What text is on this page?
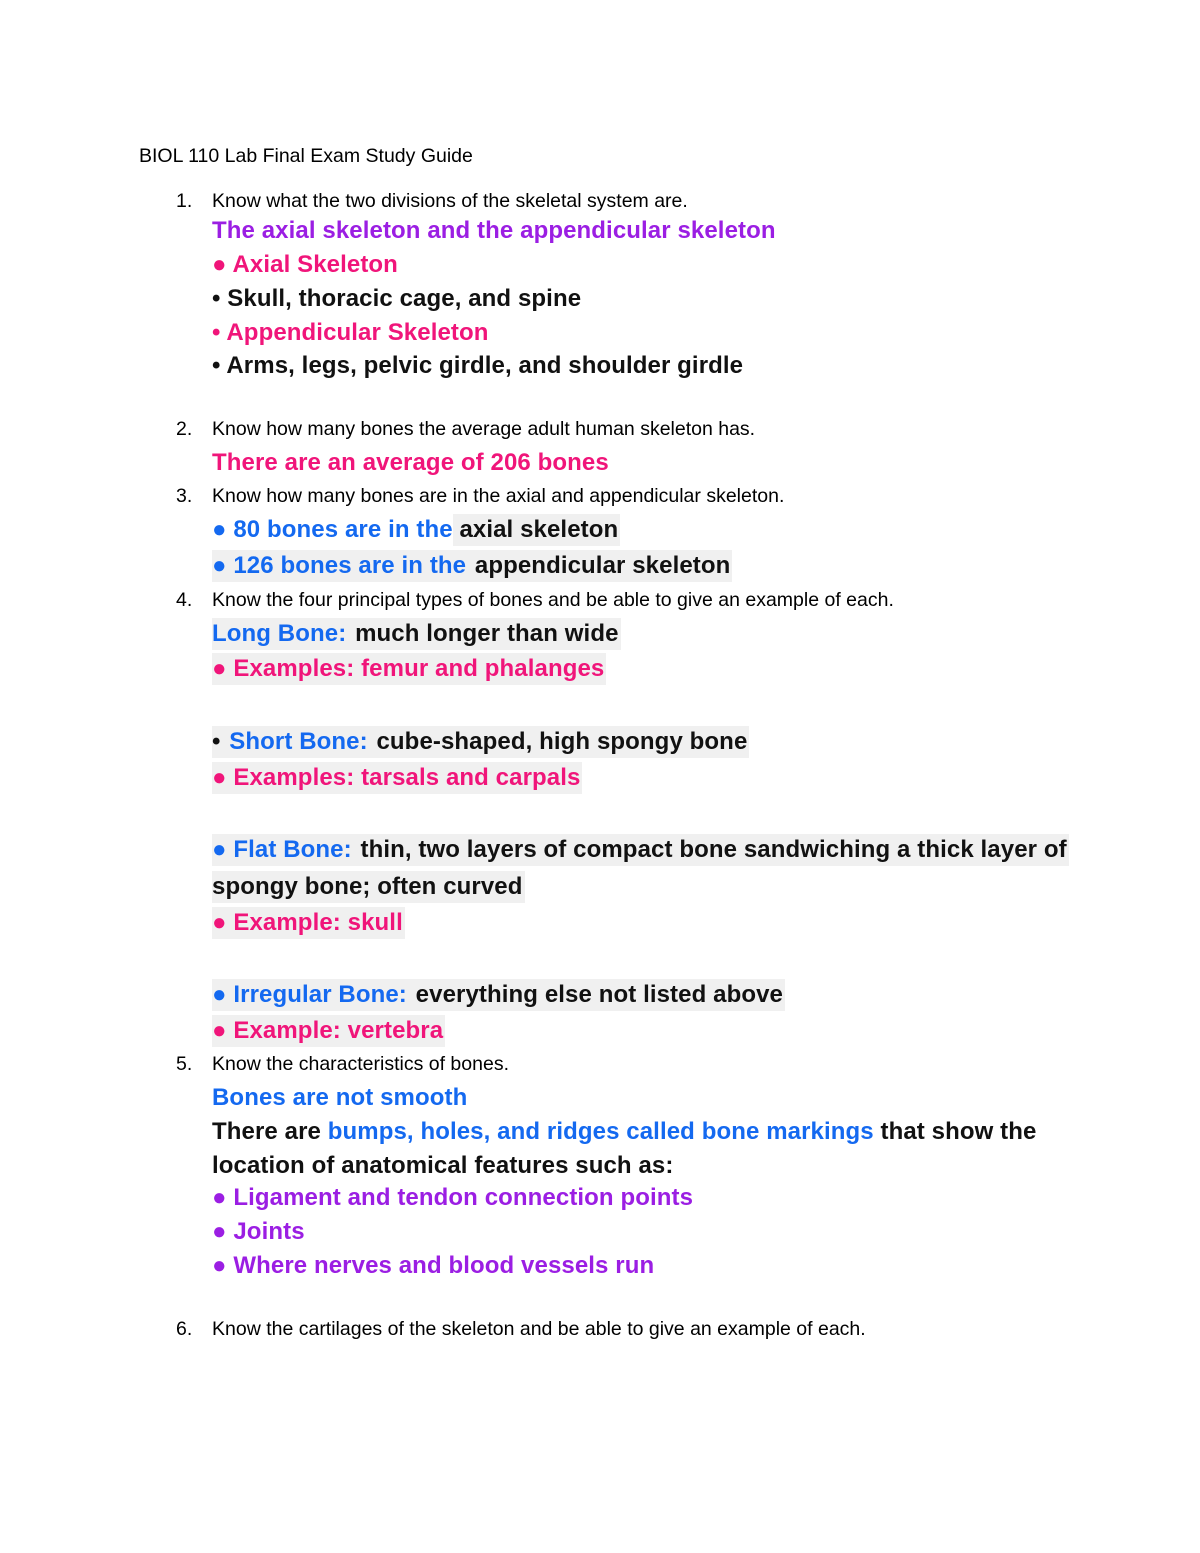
BIOL 110 Lab Final Exam Study Guide
1. Know what the two divisions of the skeletal system are.
The axial skeleton and the appendicular skeleton
● Axial Skeleton
• Skull, thoracic cage, and spine
• Appendicular Skeleton
• Arms, legs, pelvic girdle, and shoulder girdle
2. Know how many bones the average adult human skeleton has.
There are an average of 206 bones
3. Know how many bones are in the axial and appendicular skeleton.
● 80 bones are in the axial skeleton
● 126 bones are in the appendicular skeleton
4. Know the four principal types of bones and be able to give an example of each.
Long Bone: much longer than wide
● Examples: femur and phalanges
• Short Bone: cube-shaped, high spongy bone
● Examples: tarsals and carpals
● Flat Bone: thin, two layers of compact bone sandwiching a thick layer of
spongy bone; often curved
● Example: skull
● Irregular Bone: everything else not listed above
● Example: vertebra
5. Know the characteristics of bones.
Bones are not smooth
There are bumps, holes, and ridges called bone markings that show the
location of anatomical features such as:
● Ligament and tendon connection points
● Joints
● Where nerves and blood vessels run
6. Know the cartilages of the skeleton and be able to give an example of each.
